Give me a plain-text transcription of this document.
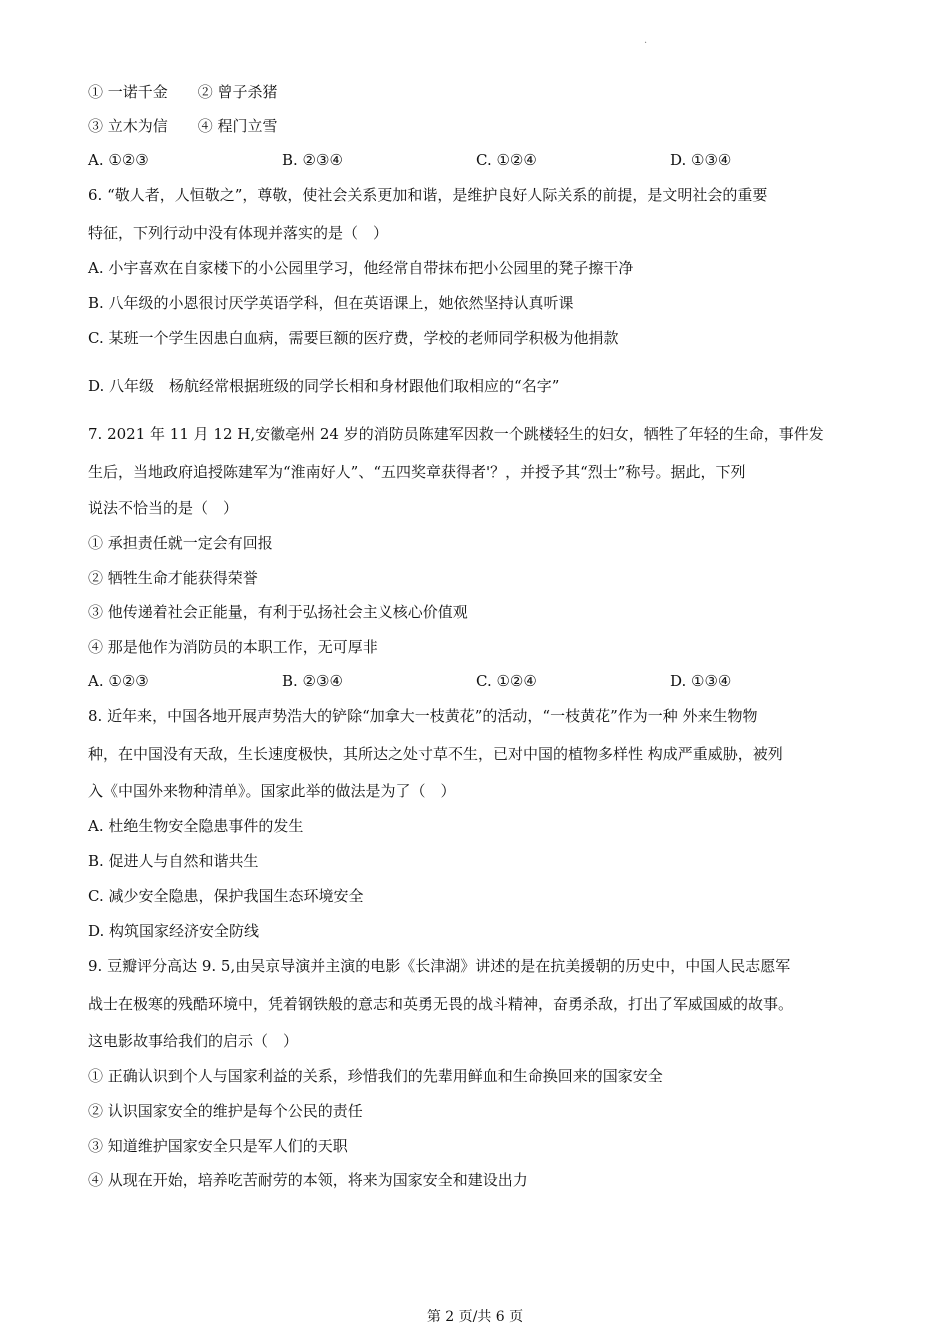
·
① 一诺千金　　② 曾子杀猪
③ 立木为信　　④ 程门立雪
A. ①②③	B. ②③④	C. ①②④	D. ①③④
6. “敬人者，人恒敬之”，尊敬，使社会关系更加和谐，是维护良好人际关系的前提，是文明社会的重要
特征，下列行动中没有体现并落实的是（　）
A. 小宇喜欢在自家楼下的小公园里学习，他经常自带抹布把小公园里的凳子擦干净
B. 八年级的小恩很讨厌学英语学科，但在英语课上，她依然坚持认真听课
C. 某班一个学生因患白血病，需要巨额的医疗费，学校的老师同学积极为他捐款
D. 八年级　杨航经常根据班级的同学长相和身材跟他们取相应的“名字”
7. 2021 年 11 月 12 H,安徽亳州 24 岁的消防员陈建军因救一个跳楼轻生的妇女，牺牲了年轻的生命，事件发
生后，当地政府追授陈建军为“淮南好人”、“五四奖章获得者'？，并授予其“烈士”称号。据此，下列
说法不恰当的是（　）
① 承担责任就一定会有回报
② 牺牲生命才能获得荣誉
③ 他传递着社会正能量，有利于弘扬社会主义核心价值观
④ 那是他作为消防员的本职工作，无可厚非
A. ①②③	B. ②③④	C. ①②④	D. ①③④
8. 近年来，中国各地开展声势浩大的铲除“加拿大一枝黄花”的活动，“一枝黄花”作为一种 外来生物物
种，在中国没有天敌，生长速度极快，其所达之处寸草不生，已对中国的植物多样性 构成严重威胁，被列
入《中国外来物种清单》。国家此举的做法是为了（　）
A. 杜绝生物安全隐患事件的发生
B. 促进人与自然和谐共生
C. 减少安全隐患，保护我国生态环境安全
D. 构筑国家经济安全防线
9. 豆瓣评分高达 9. 5,由吴京导演并主演的电影《长津湖》讲述的是在抗美援朝的历史中，中国人民志愿军
战士在极寒的残酷环境中，凭着钢铁般的意志和英勇无畏的战斗精神，奋勇杀敌，打出了军威国威的故事。
这电影故事给我们的启示（　）
① 正确认识到个人与国家利益的关系，珍惜我们的先辈用鲜血和生命换回来的国家安全
② 认识国家安全的维护是每个公民的责任
③ 知道维护国家安全只是军人们的天职
④ 从现在开始，培养吃苦耐劳的本领，将来为国家安全和建设出力
第 2 页/共 6 页
